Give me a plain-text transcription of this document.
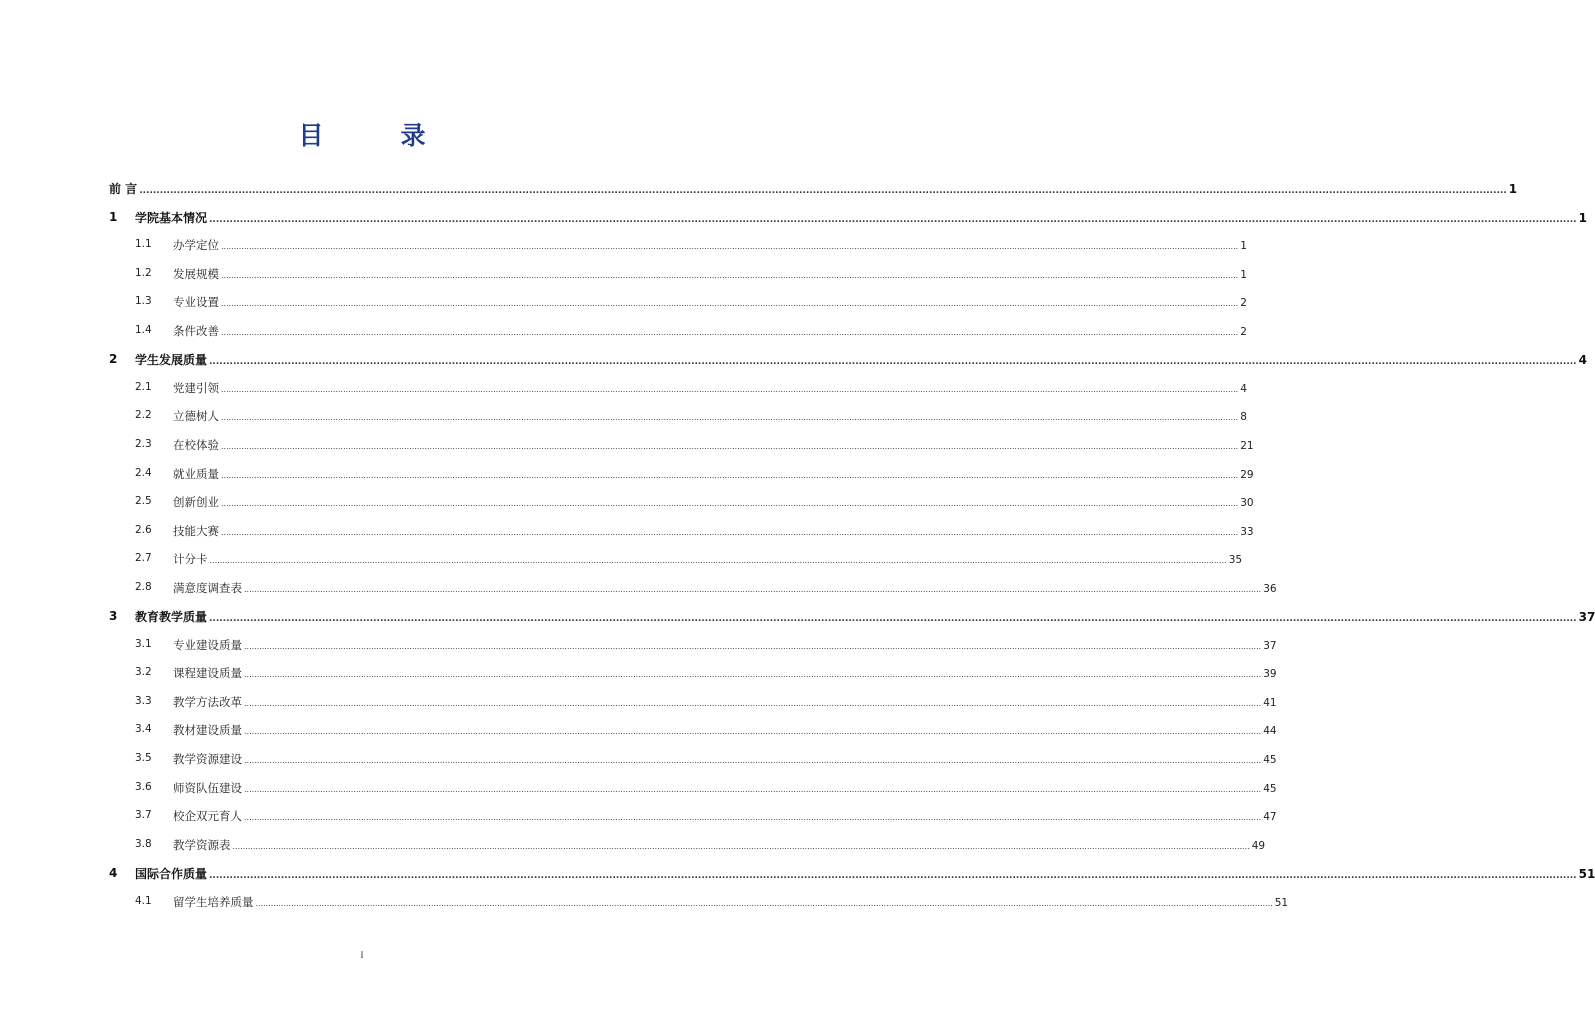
目　录
前 言 ................................................................................................................................................................................................................................................................................................................................................................................................................ 1
1 学院基本情况 ................................................................................................................................................................................................................................................................................................................................................................................................................ 1
1.1 办学定位 ................................................................................................................................................................................................................................................................................................................................................................................................................ 1
1.2 发展规模 ................................................................................................................................................................................................................................................................................................................................................................................................................ 1
1.3 专业设置 ................................................................................................................................................................................................................................................................................................................................................................................................................ 2
1.4 条件改善 ................................................................................................................................................................................................................................................................................................................................................................................................................ 2
2 学生发展质量 ................................................................................................................................................................................................................................................................................................................................................................................................................ 4
2.1 党建引领 ................................................................................................................................................................................................................................................................................................................................................................................................................ 4
2.2 立德树人 ................................................................................................................................................................................................................................................................................................................................................................................................................ 8
2.3 在校体验 ................................................................................................................................................................................................................................................................................................................................................................................................................ 21
2.4 就业质量 ................................................................................................................................................................................................................................................................................................................................................................................................................ 29
2.5 创新创业 ................................................................................................................................................................................................................................................................................................................................................................................................................ 30
2.6 技能大赛 ................................................................................................................................................................................................................................................................................................................................................................................................................ 33
2.7 计分卡 ................................................................................................................................................................................................................................................................................................................................................................................................................ 35
2.8 满意度调查表 ................................................................................................................................................................................................................................................................................................................................................................................................................ 36
3 教育教学质量 ................................................................................................................................................................................................................................................................................................................................................................................................................ 37
3.1 专业建设质量 ................................................................................................................................................................................................................................................................................................................................................................................................................ 37
3.2 课程建设质量 ................................................................................................................................................................................................................................................................................................................................................................................................................ 39
3.3 教学方法改革 ................................................................................................................................................................................................................................................................................................................................................................................................................ 41
3.4 教材建设质量 ................................................................................................................................................................................................................................................................................................................................................................................................................ 44
3.5 教学资源建设 ................................................................................................................................................................................................................................................................................................................................................................................................................ 45
3.6 师资队伍建设 ................................................................................................................................................................................................................................................................................................................................................................................................................ 45
3.7 校企双元育人 ................................................................................................................................................................................................................................................................................................................................................................................................................ 47
3.8 教学资源表 ................................................................................................................................................................................................................................................................................................................................................................................................................ 49
4 国际合作质量 ................................................................................................................................................................................................................................................................................................................................................................................................................ 51
4.1 留学生培养质量 ................................................................................................................................................................................................................................................................................................................................................................................................................ 51
I
